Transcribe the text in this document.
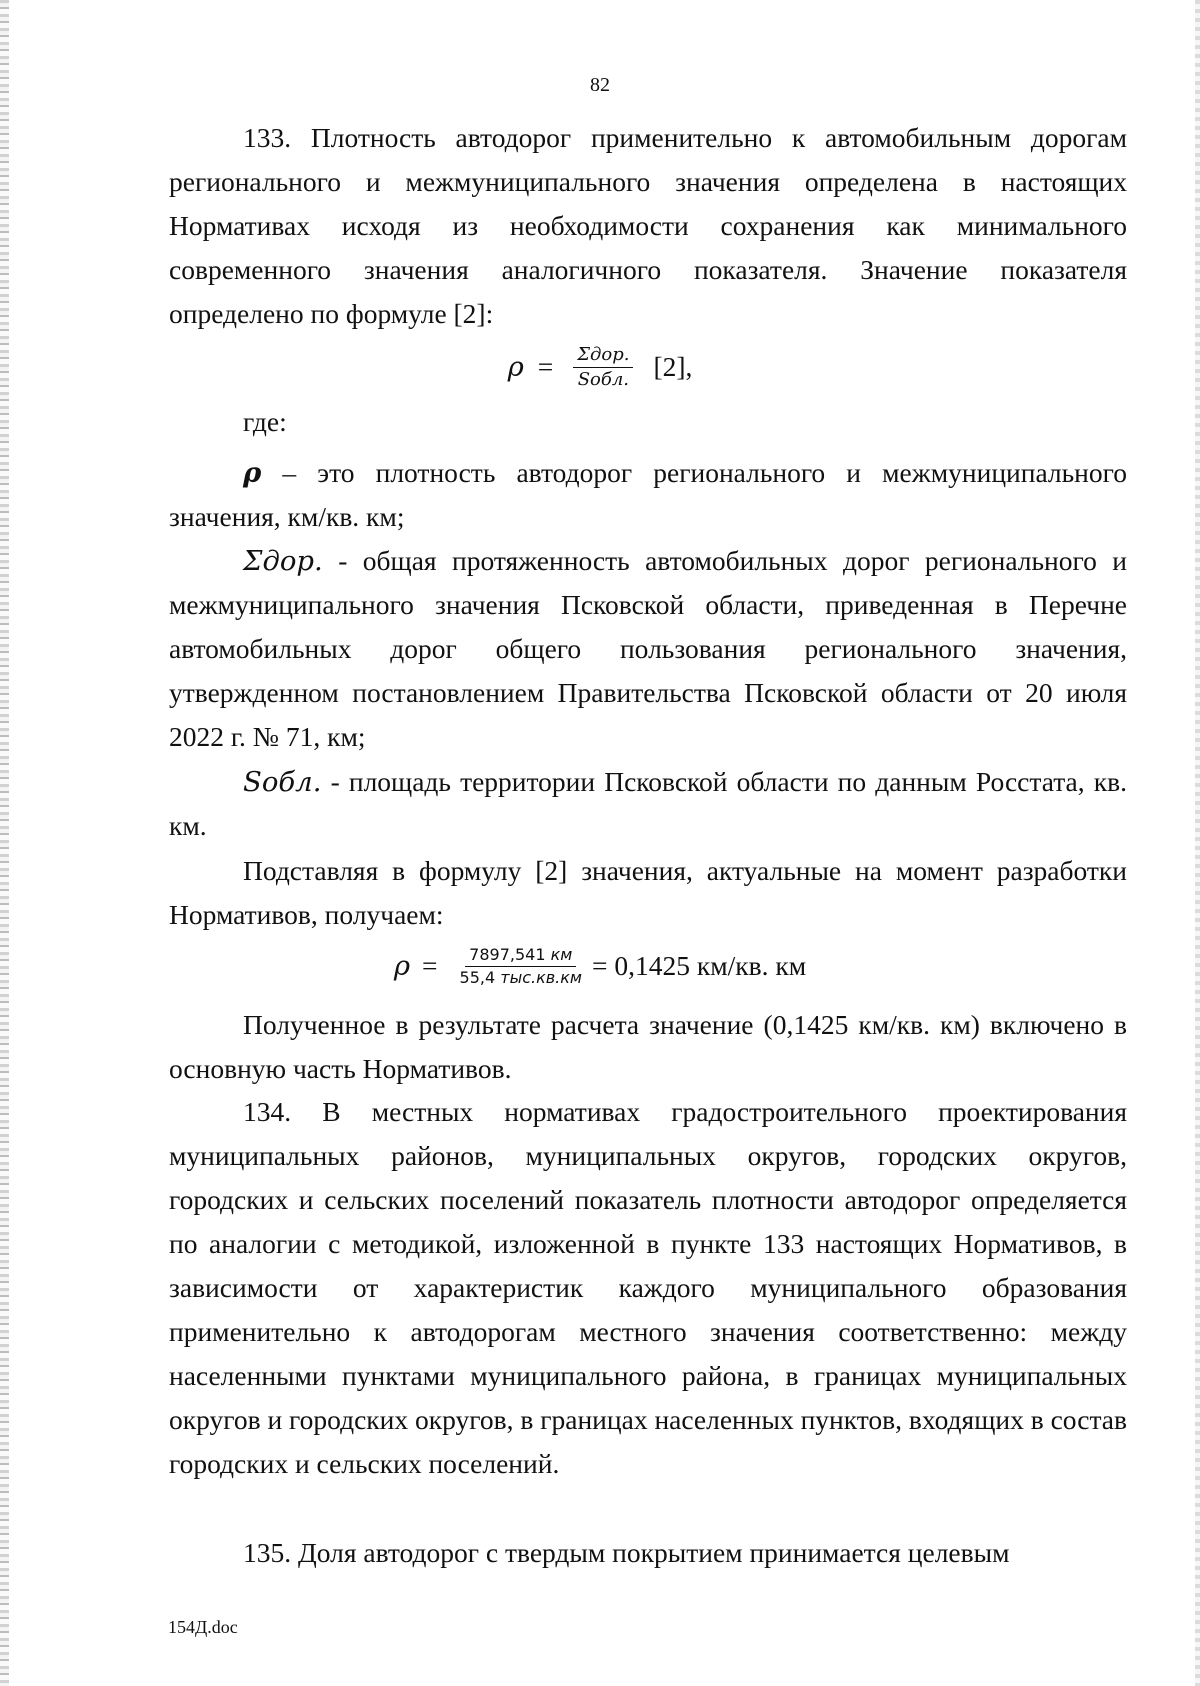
82

133. Плотность автодорог применительно к автомобильным дорогам регионального и межмуниципального значения определена в настоящих Нормативах исходя из необходимости сохранения как минимального современного значения аналогичного показателя. Значение показателя определено по формуле [2]:

$\rho = \frac{\text{Σдор.}}{\text{Sобл.}} [2]$,

где:

ρ – это плотность автодорог регионального и межмуниципального значения, км/кв. км;

Σдор. - общая протяженность автомобильных дорог регионального и межмуниципального значения Псковской области, приведенная в Перечне автомобильных дорог общего пользования регионального значения, утвержденном постановлением Правительства Псковской области от 20 июля 2022 г. № 71, км;

Sобл. - площадь территории Псковской области по данным Росстата, кв. км.

Подставляя в формулу [2] значения, актуальные на момент разработки Нормативов, получаем:

$\rho = \frac{7897,541 км}{\text{55,4 тыс.кв.км}} = 0,1425$ км/кв. км

Полученное в результате расчета значение (0,1425 км/кв. км) включено в основную часть Нормативов.

134. В местных нормативах градостроительного проектирования муниципальных районов, муниципальных округов, городских округов, городских и сельских поселений показатель плотности автодорог определяется по аналогии с методикой, изложенной в пункте 133 настоящих Нормативов, в зависимости от характеристик каждого муниципального образования применительно к автодорогам местного значения соответственно: между населенными пунктами муниципального района, в границах муниципальных округов и городских округов, в границах населенных пунктов, входящих в состав городских и сельских поселений.

135. Доля автодорог с твердым покрытием принимается целевым

154Д.doc
